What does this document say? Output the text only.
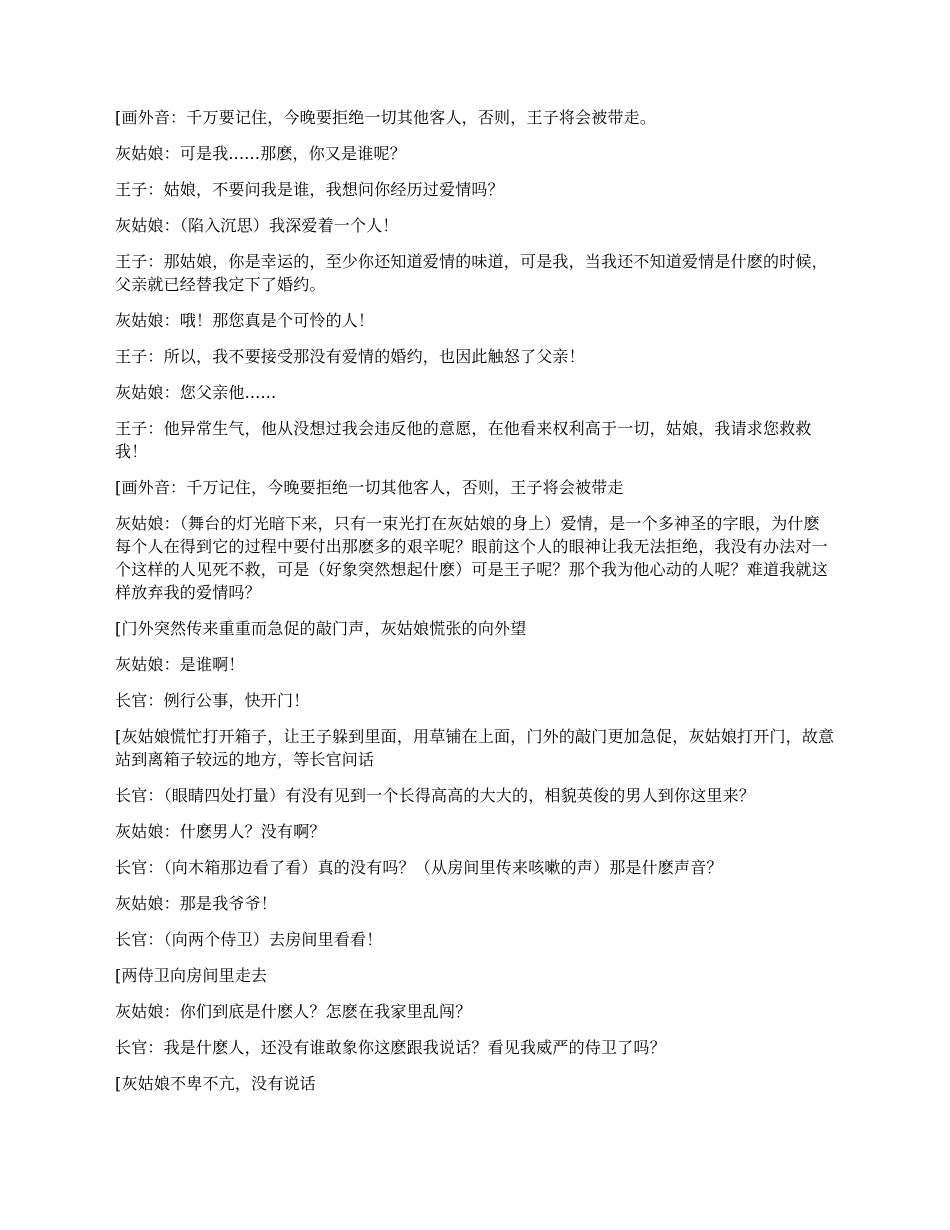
[画外音：千万要记住，今晚要拒绝一切其他客人，否则，王子将会被带走。

灰姑娘：可是我......那麽，你又是谁呢？

王子：姑娘，不要问我是谁，我想问你经历过爱情吗？

灰姑娘：（陷入沉思）我深爱着一个人！

王子：那姑娘，你是幸运的，至少你还知道爱情的味道，可是我，当我还不知道爱情是什麽的时候，父亲就已经替我定下了婚约。

灰姑娘：哦！那您真是个可怜的人！

王子：所以，我不要接受那没有爱情的婚约，也因此触怒了父亲！

灰姑娘：您父亲他......

王子：他异常生气，他从没想过我会违反他的意愿，在他看来权利高于一切，姑娘，我请求您救救我！

[画外音：千万记住，今晚要拒绝一切其他客人，否则，王子将会被带走

灰姑娘：（舞台的灯光暗下来，只有一束光打在灰姑娘的身上）爱情，是一个多神圣的字眼，为什麽每个人在得到它的过程中要付出那麽多的艰辛呢？眼前这个人的眼神让我无法拒绝，我没有办法对一个这样的人见死不救，可是（好象突然想起什麽）可是王子呢？那个我为他心动的人呢？难道我就这样放弃我的爱情吗？

[门外突然传来重重而急促的敲门声，灰姑娘慌张的向外望

灰姑娘：是谁啊！

长官：例行公事，快开门！

[灰姑娘慌忙打开箱子，让王子躲到里面，用草铺在上面，门外的敲门更加急促，灰姑娘打开门，故意站到离箱子较远的地方，等长官问话

长官：（眼睛四处打量）有没有见到一个长得高高的大大的，相貌英俊的男人到你这里来？

灰姑娘：什麽男人？没有啊？

长官：（向木箱那边看了看）真的没有吗？（从房间里传来咳嗽的声）那是什麽声音？

灰姑娘：那是我爷爷！

长官：（向两个侍卫）去房间里看看！

[两侍卫向房间里走去

灰姑娘：你们到底是什麽人？怎麽在我家里乱闯？

长官：我是什麽人，还没有谁敢象你这麽跟我说话？看见我威严的侍卫了吗？

[灰姑娘不卑不亢，没有说话
